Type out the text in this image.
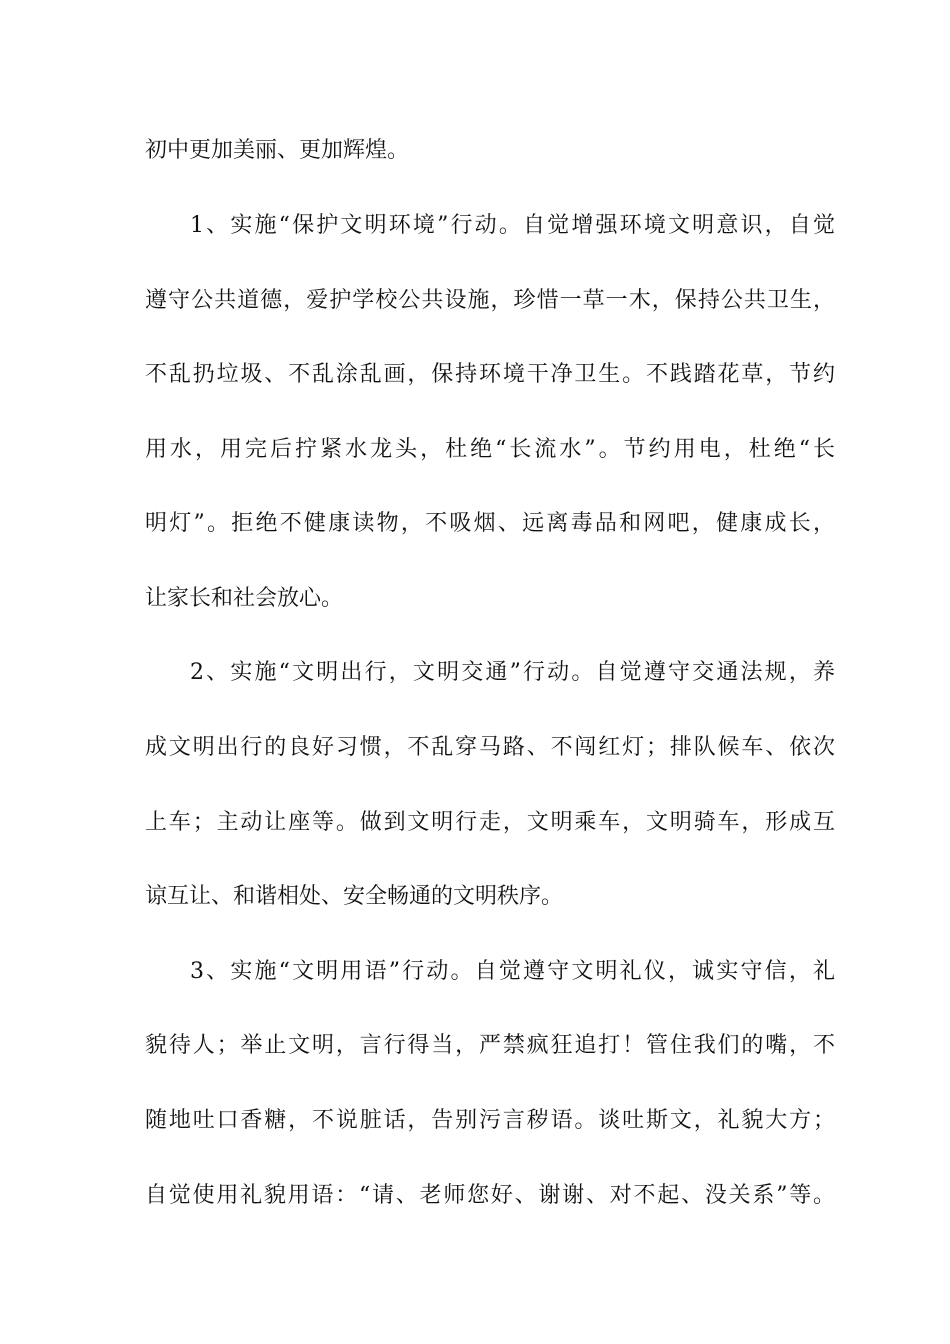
初中更加美丽、更加辉煌。

1、实施“保护文明环境”行动。自觉增强环境文明意识，自觉

遵守公共道德，爱护学校公共设施，珍惜一草一木，保持公共卫生，

不乱扔垃圾、不乱涂乱画，保持环境干净卫生。不践踏花草，节约

用水，用完后拧紧水龙头，杜绝“长流水”。节约用电，杜绝“长

明灯”。拒绝不健康读物，不吸烟、远离毒品和网吧，健康成长，

让家长和社会放心。

2、实施“文明出行，文明交通”行动。自觉遵守交通法规，养

成文明出行的良好习惯，不乱穿马路、不闯红灯；排队候车、依次

上车；主动让座等。做到文明行走，文明乘车，文明骑车，形成互

谅互让、和谐相处、安全畅通的文明秩序。

3、实施“文明用语”行动。自觉遵守文明礼仪，诚实守信，礼

貌待人；举止文明，言行得当，严禁疯狂追打！管住我们的嘴，不

随地吐口香糖，不说脏话，告别污言秽语。谈吐斯文，礼貌大方；

自觉使用礼貌用语：“请、老师您好、谢谢、对不起、没关系”等。
